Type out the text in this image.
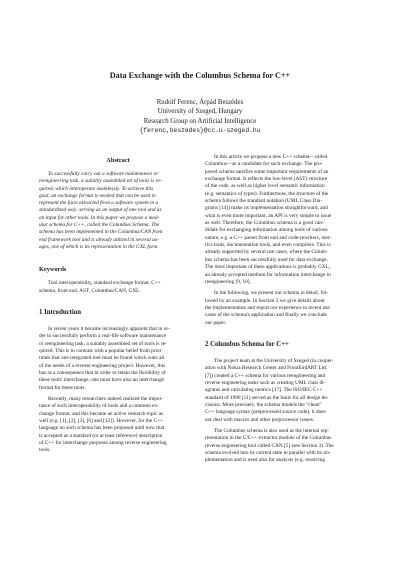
Data Exchange with the Columbus Schema for C++
Rudolf Ferenc, Árpád Beszédes
University of Szeged, Hungary
Research Group on Artificial Intelligence
{ferenc,beszedes}@cc.u-szeged.hu
Abstract
To successfully carry out a software maintenance or
reengineering task, a suitably assembled set of tools is re-
quired, which interoperate seamlessly. To achieve this
goal, an exchange format is needed that can be used to
represent the facts extracted from a software system in a
standardized way; serving as an output of one tool and as
an input for other tools. In this paper we propose a mod-
ular schema for C++, called the Columbus Schema. The
schema has been implemented in the Columbus/CAN front
end framework tool and is already utilized in several us-
ages, one of which is its representation in the GXL form.
Keywords
Tool interoperability, standard exchange format, C++
schema, front end, AST, Columbus/CAN, GXL.
1 Introduction
In recent years it became increasingly apparent that in or-
der to successfully perform a real-life software maintenance
or reengineering task, a suitably assembled set of tools is re-
quired. This is in contrast with a popular belief from prior
times that one integrated tool must be found which suits all
of the needs of a reverse engineering project. However, this
has as a consequence that in order to retain the flexibility of
these tools' interchange, one must have also an interchange
format for these tools.
Recently, many researchers indeed realized the impor-
tance of such interoperability of tools and a common ex-
change format, and this became an active research topic as
well (e.g. [1], [2], [3], [6] and [12]). However, for the C++
language no such schema has been proposed until now that
is accepted as a standard (or at least reference) description
of C++ for interchange purposes among reverse engineering
tools.
In this article we propose a new C++ schema—called
Columbus—as a candidate for such exchange. The pro-
posed schema satisfies some important requirements of an
exchange format. It reflects the low-level (AST) structure
of the code, as well as higher level semantic information
(e.g. semantics of types). Furthermore, the structure of the
schema follows the standard notation (UML Class Dia-
grams [14]) make its implementation straightforward, and
what is even more important, an API is very simple to issue
as well. Therefore, the Columbus schema is a good can-
didate for exchanging information among tools of various
nature, e.g. a C++ parser front end and code-rewriters, met-
rics tools, documentation tools, and even compilers. This is
already supported by several use cases, where the Colum-
bus schema has been successfully used for data exchange.
The most important of these applications is probably GXL,
an already accepted medium for information interchange in
reengineering [9, 10].
In the following, we present our schema in detail, fol-
lowed by an example. In Section 3 we give details about
the implementation and report our experience in recent use
cases of the schema's application and finally we conclude
our paper.
2 Columbus Schema for C++
The project team at the University of Szeged (in cooper-
ation with Nokia Research Center and FrontEndART Ltd.
[7]) created a C++ schema for various reengineering and
reverse engineering tasks such as creating UML class di-
agrams and calculating metrics [17]. The ISO/IEC C++
standard of 1998 [11] served as the basis for all design de-
cisions. More precisely, the schema models the "clean"
C++ language syntax (preprocessed source code), it does
not deal with macros and other preprocessor issues.
The Columbus schema is also used as the internal rep-
resentation in the C/C++ extractor module of the Columbus
reverse engineering tool called CAN [5] (see Section 3). The
schema evolved into its current state in parallel with its im-
plementation and is used also for analysis (e.g. resolving
